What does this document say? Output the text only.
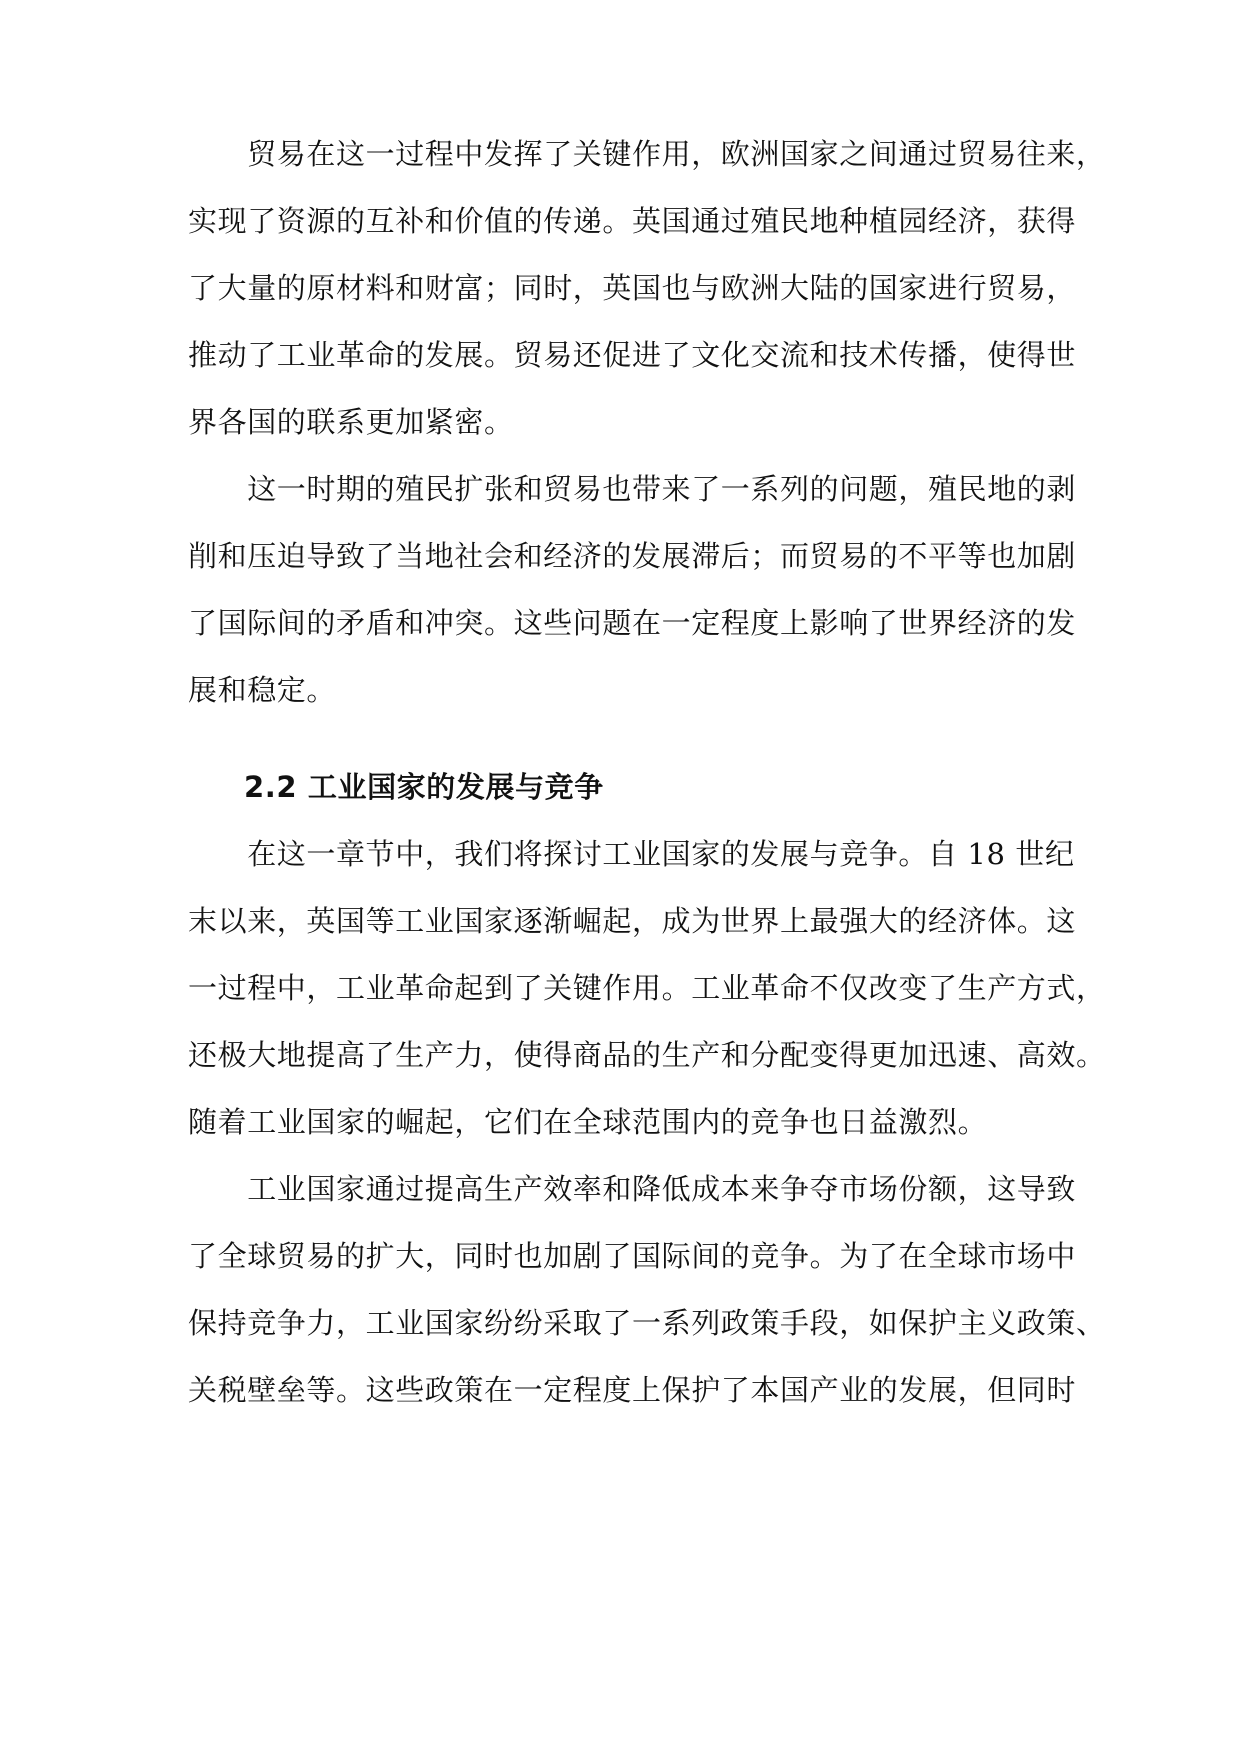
　　贸易在这一过程中发挥了关键作用，欧洲国家之间通过贸易往来，
实现了资源的互补和价值的传递。英国通过殖民地种植园经济，获得
了大量的原材料和财富；同时，英国也与欧洲大陆的国家进行贸易，
推动了工业革命的发展。贸易还促进了文化交流和技术传播，使得世
界各国的联系更加紧密。
　　这一时期的殖民扩张和贸易也带来了一系列的问题，殖民地的剥
削和压迫导致了当地社会和经济的发展滞后；而贸易的不平等也加剧
了国际间的矛盾和冲突。这些问题在一定程度上影响了世界经济的发
展和稳定。
2.2 工业国家的发展与竞争
　　在这一章节中，我们将探讨工业国家的发展与竞争。自 18 世纪
末以来，英国等工业国家逐渐崛起，成为世界上最强大的经济体。这
一过程中，工业革命起到了关键作用。工业革命不仅改变了生产方式，
还极大地提高了生产力，使得商品的生产和分配变得更加迅速、高效。
随着工业国家的崛起，它们在全球范围内的竞争也日益激烈。
　　工业国家通过提高生产效率和降低成本来争夺市场份额，这导致
了全球贸易的扩大，同时也加剧了国际间的竞争。为了在全球市场中
保持竞争力，工业国家纷纷采取了一系列政策手段，如保护主义政策、
关税壁垒等。这些政策在一定程度上保护了本国产业的发展，但同时
